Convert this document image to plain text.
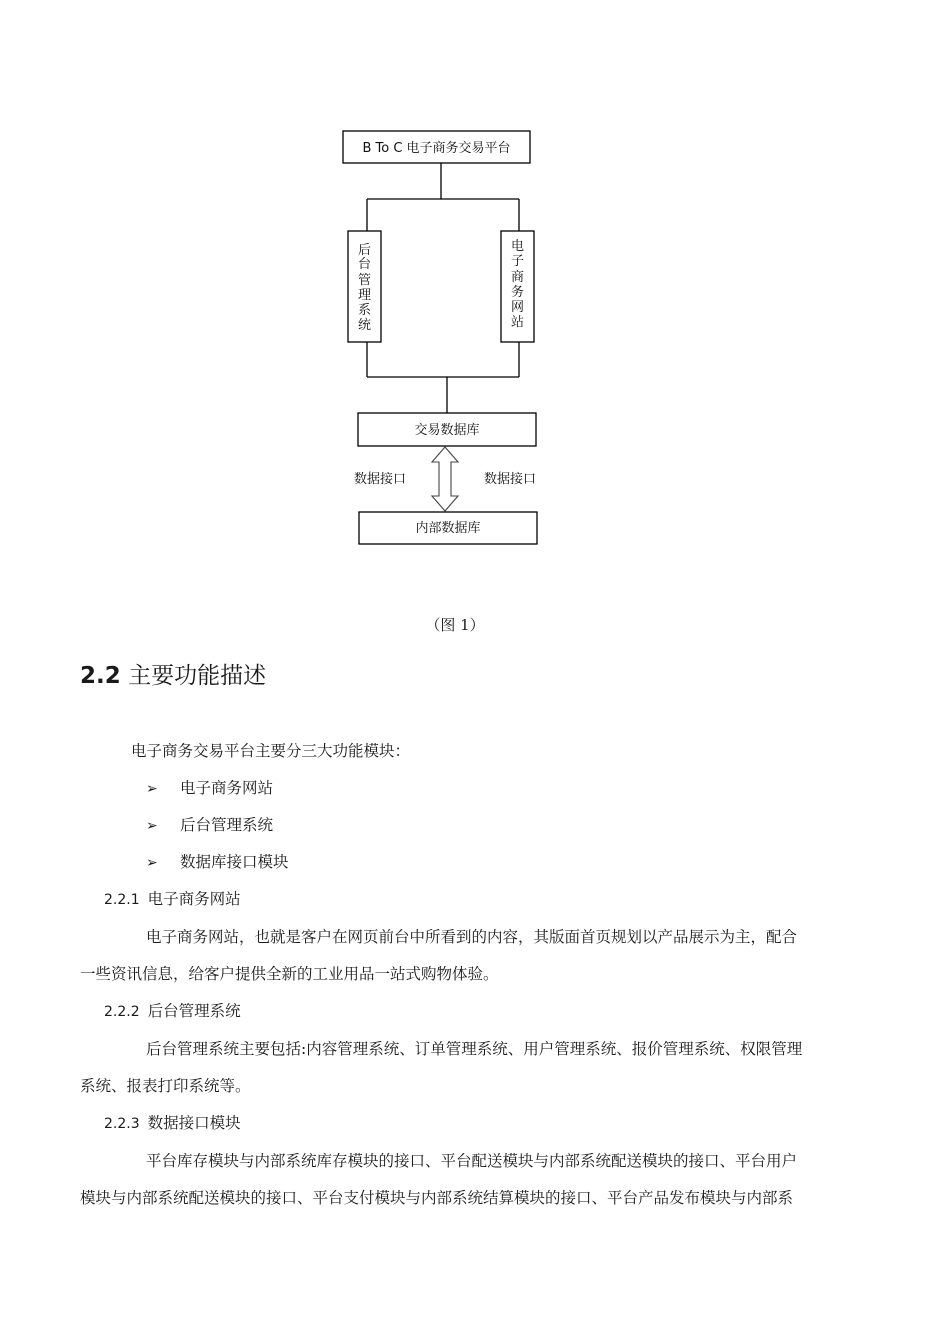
B To C 电子商务交易平台
后
台
管
理
系
统
电
子
商
务
网
站
交易数据库
数据接口	数据接口
内部数据库
（图 1）
2.2 主要功能描述
电子商务交易平台主要分三大功能模块：
➢ 电子商务网站
➢ 后台管理系统
➢ 数据库接口模块
2.2.1 电子商务网站
电子商务网站，也就是客户在网页前台中所看到的内容，其版面首页规划以产品展示为主，配合
一些资讯信息，给客户提供全新的工业用品一站式购物体验。
2.2.2 后台管理系统
后台管理系统主要包括:内容管理系统、订单管理系统、用户管理系统、报价管理系统、权限管理
系统、报表打印系统等。
2.2.3 数据接口模块
平台库存模块与内部系统库存模块的接口、平台配送模块与内部系统配送模块的接口、平台用户
模块与内部系统配送模块的接口、平台支付模块与内部系统结算模块的接口、平台产品发布模块与内部系
